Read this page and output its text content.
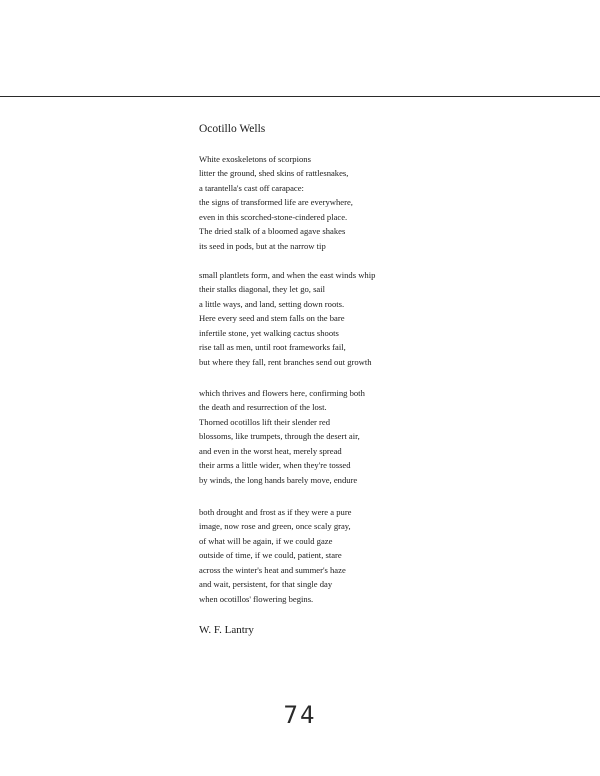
Ocotillo Wells
White exoskeletons of scorpions
litter the ground, shed skins of rattlesnakes,
a tarantella's cast off carapace:
the signs of transformed life are everywhere,
even in this scorched-stone-cindered place.
The dried stalk of a bloomed agave shakes
its seed in pods, but at the narrow tip
small plantlets form, and when the east winds whip
their stalks diagonal, they let go, sail
a little ways, and land, setting down roots.
Here every seed and stem falls on the bare
infertile stone, yet walking cactus shoots
rise tall as men, until root frameworks fail,
but where they fall, rent branches send out growth
which thrives and flowers here, confirming both
the death and resurrection of the lost.
Thorned ocotillos lift their slender red
blossoms, like trumpets, through the desert air,
and even in the worst heat, merely spread
their arms a little wider, when they're tossed
by winds, the long hands barely move, endure
both drought and frost as if they were a pure
image, now rose and green, once scaly gray,
of what will be again, if we could gaze
outside of time, if we could, patient, stare
across the winter's heat and summer's haze
and wait, persistent, for that single day
when ocotillos' flowering begins.
W. F. Lantry
74
